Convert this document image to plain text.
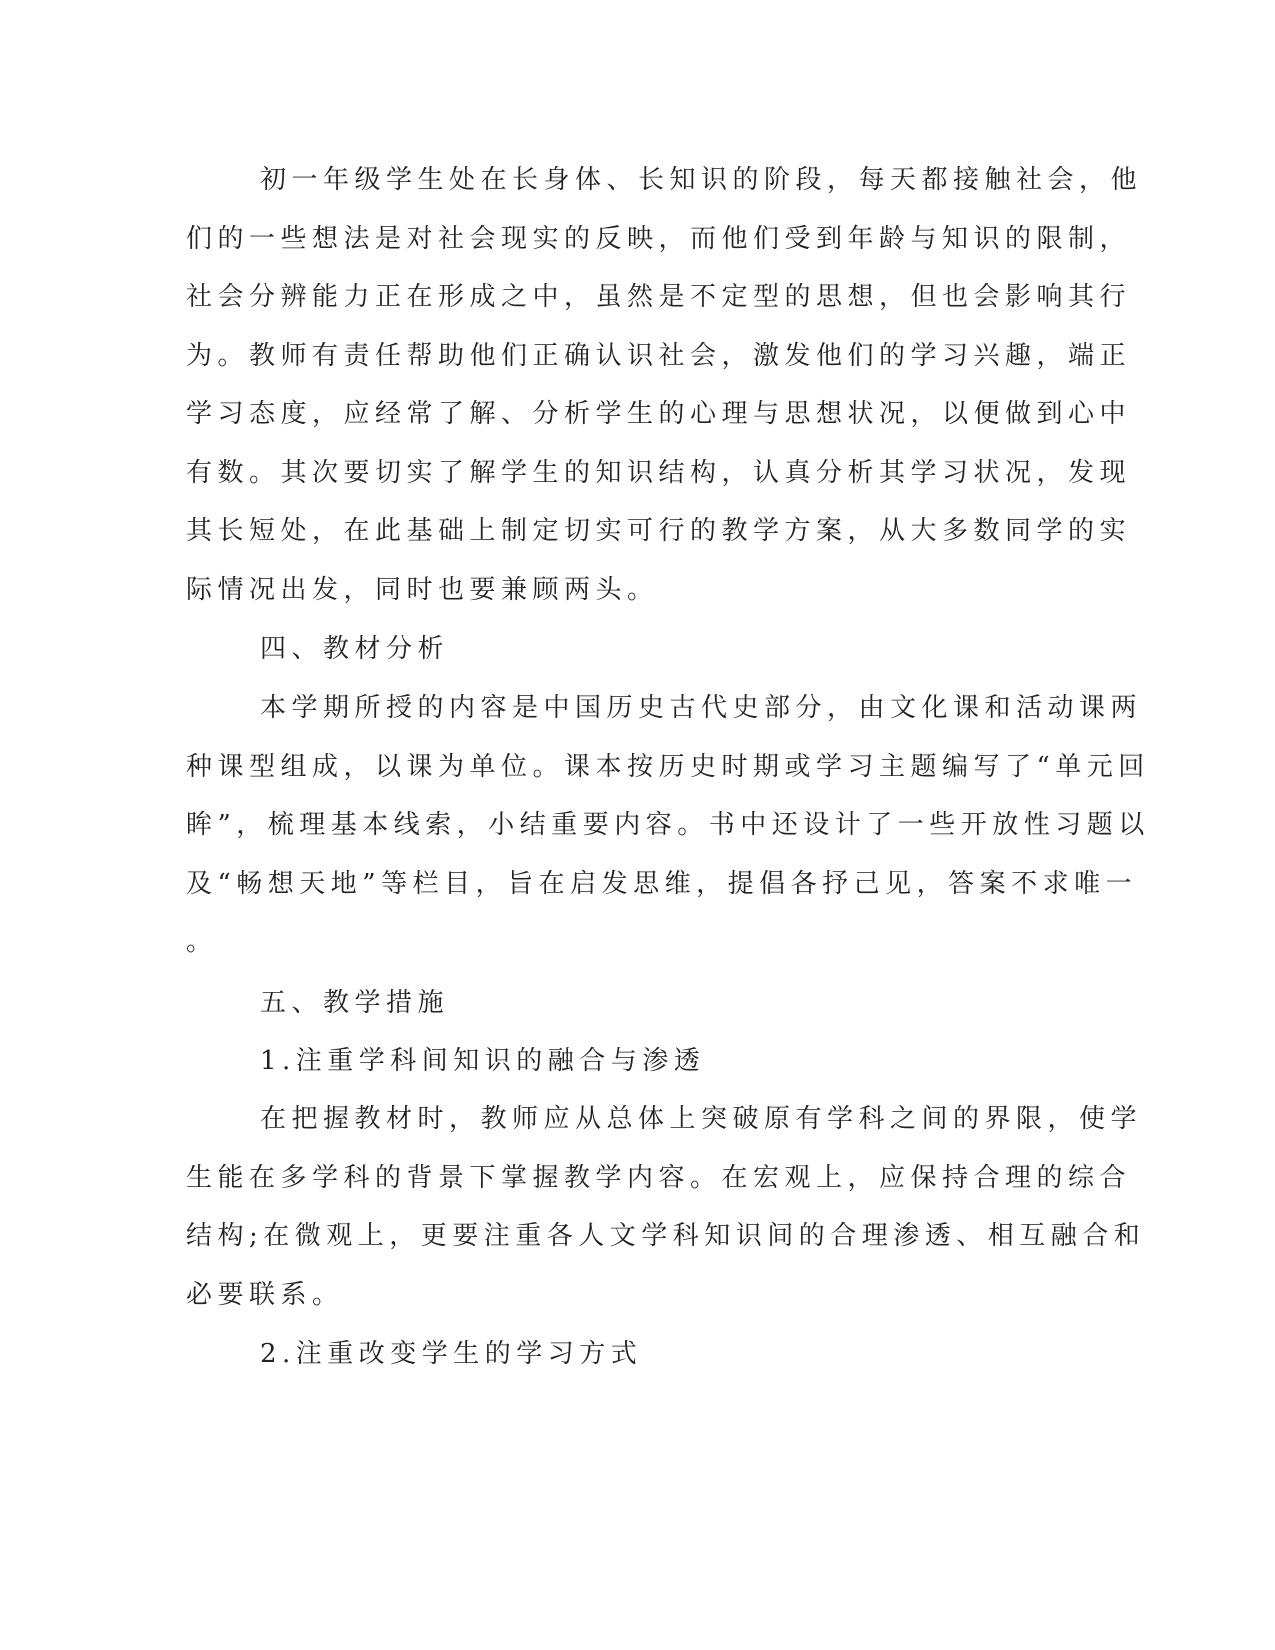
初一年级学生处在长身体、长知识的阶段，每天都接触社会，他
们的一些想法是对社会现实的反映，而他们受到年龄与知识的限制，
社会分辨能力正在形成之中，虽然是不定型的思想，但也会影响其行
为。教师有责任帮助他们正确认识社会，激发他们的学习兴趣，端正
学习态度，应经常了解、分析学生的心理与思想状况，以便做到心中
有数。其次要切实了解学生的知识结构，认真分析其学习状况，发现
其长短处，在此基础上制定切实可行的教学方案，从大多数同学的实
际情况出发，同时也要兼顾两头。
四、教材分析
本学期所授的内容是中国历史古代史部分，由文化课和活动课两
种课型组成，以课为单位。课本按历史时期或学习主题编写了“单元回
眸”，梳理基本线索，小结重要内容。书中还设计了一些开放性习题以
及“畅想天地”等栏目，旨在启发思维，提倡各抒己见，答案不求唯一
。
五、教学措施
1.注重学科间知识的融合与渗透
在把握教材时，教师应从总体上突破原有学科之间的界限，使学
生能在多学科的背景下掌握教学内容。在宏观上，应保持合理的综合
结构;在微观上，更要注重各人文学科知识间的合理渗透、相互融合和
必要联系。
2.注重改变学生的学习方式
